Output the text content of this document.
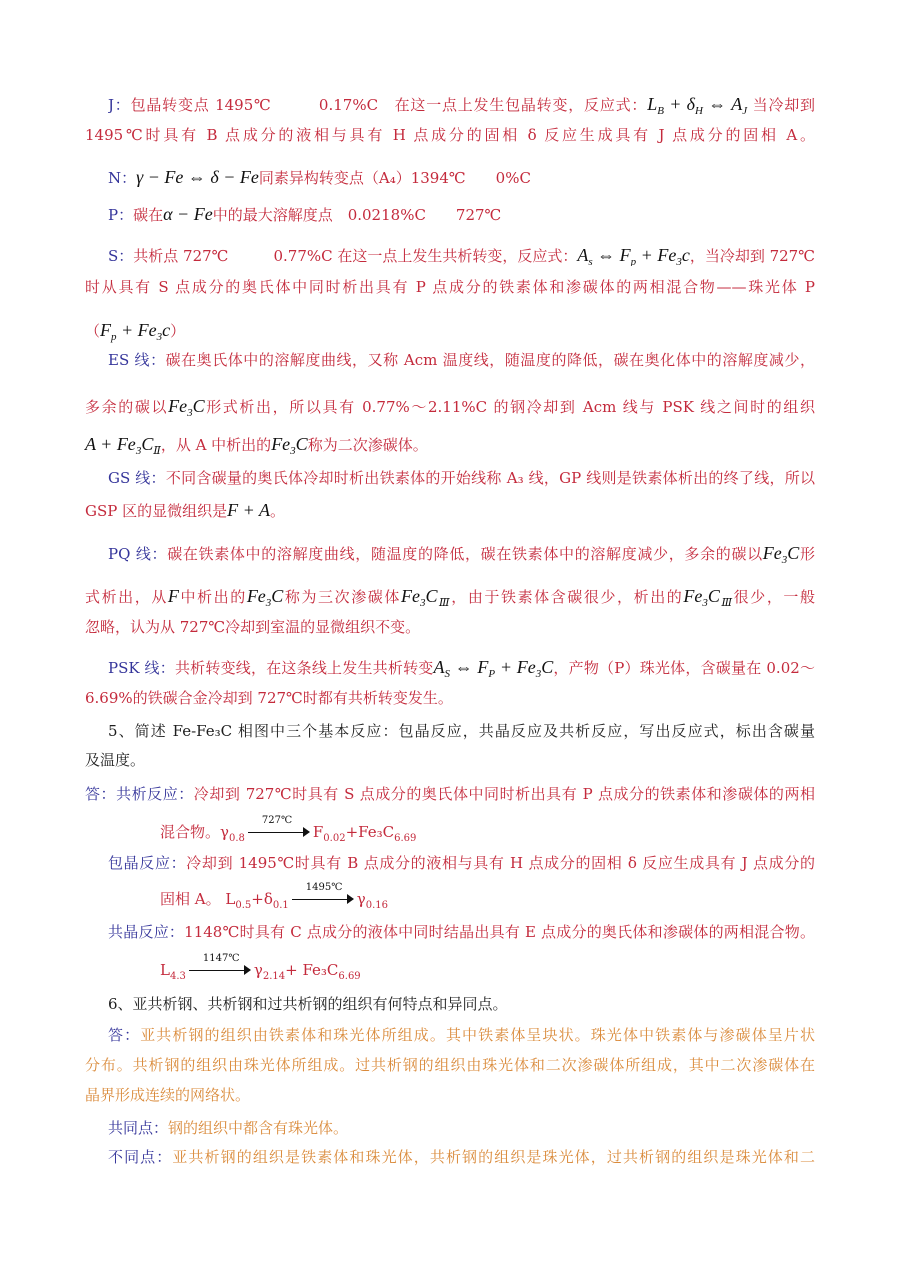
J：包晶转变点 1495℃　　　0.17%C　在这一点上发生包晶转变，反应式：$L_B + \delta_H$ ⇔ $A_J$ 当冷却到
1495℃时具有 B 点成分的液相与具有 H 点成分的固相 δ 反应生成具有 J 点成分的固相 A。
N：γ − Fe ⇔ δ − Fe同素异构转变点（A₄）1394℃　　0%C
P：碳在α − Fe中的最大溶解度点　0.0218%C　　727℃
S：共析点 727℃　　　0.77%C 在这一点上发生共析转变，反应式：$A_s$ ⇔ $F_p + Fe_3c$，当冷却到 727℃
时从具有 S 点成分的奥氏体中同时析出具有 P 点成分的铁素体和渗碳体的两相混合物——珠光体 P
$(F_p + Fe_3c)$
ES 线：碳在奥氏体中的溶解度曲线，又称 Acm 温度线，随温度的降低，碳在奥化体中的溶解度减少，
多余的碳以$Fe_3C$形式析出，所以具有 0.77%～2.11%C 的钢冷却到 Acm 线与 PSK 线之间时的组织
$A + Fe_3C_Ⅱ$，从 A 中析出的$Fe_3C$称为二次渗碳体。
GS 线：不同含碳量的奥氏体冷却时析出铁素体的开始线称 A₃ 线，GP 线则是铁素体析出的终了线，所以
GSP 区的显微组织是F + A。
PQ 线：碳在铁素体中的溶解度曲线，随温度的降低，碳在铁素体中的溶解度减少，多余的碳以$Fe_3C$形
式析出，从F中析出的$Fe_3C$称为三次渗碳体$Fe_3C_Ⅲ$，由于铁素体含碳很少，析出的$Fe_3C_Ⅲ$很少，一般
忽略，认为从 727℃冷却到室温的显微组织不变。
PSK 线：共析转变线，在这条线上发生共析转变$A_S$ ⇔ $F_P + Fe_3C$，产物（P）珠光体，含碳量在 0.02～
6.69%的铁碳合金冷却到 727℃时都有共析转变发生。
5、简述 Fe-Fe₃C 相图中三个基本反应：包晶反应，共晶反应及共析反应，写出反应式，标出含碳量
及温度。
答：共析反应：冷却到 727℃时具有 S 点成分的奥氏体中同时析出具有 P 点成分的铁素体和渗碳体的两相
混合物。$\gamma_{0.8}$
727℃
$F_{0.02}+Fe_3C_{6.69}$
包晶反应：冷却到 1495℃时具有 B 点成分的液相与具有 H 点成分的固相 δ 反应生成具有 J 点成分的
固相 A。 $L_{0.5}+\delta_{0.1}$
1495℃
$\gamma_{0.16}$
共晶反应：1148℃时具有 C 点成分的液体中同时结晶出具有 E 点成分的奥氏体和渗碳体的两相混合物。
$L_{4.3}$
1147℃
$\gamma_{2.14}+ Fe_3C_{6.69}$
6、亚共析钢、共析钢和过共析钢的组织有何特点和异同点。
答：亚共析钢的组织由铁素体和珠光体所组成。其中铁素体呈块状。珠光体中铁素体与渗碳体呈片状
分布。共析钢的组织由珠光体所组成。过共析钢的组织由珠光体和二次渗碳体所组成，其中二次渗碳体在
晶界形成连续的网络状。
共同点：钢的组织中都含有珠光体。
不同点：亚共析钢的组织是铁素体和珠光体，共析钢的组织是珠光体，过共析钢的组织是珠光体和二
